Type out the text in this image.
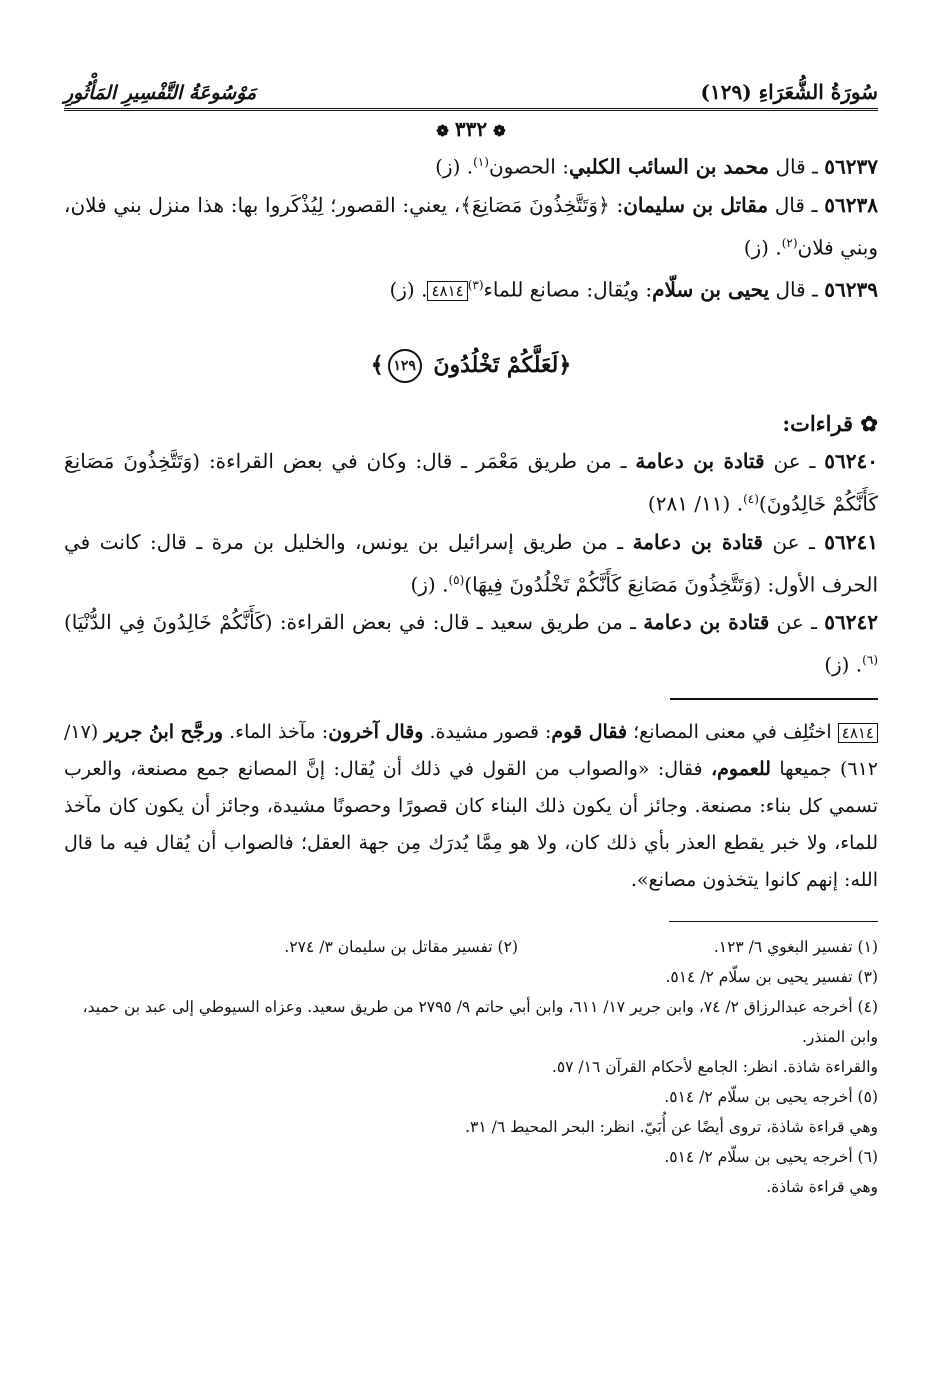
سُورَةُ الشُّعَرَاءِ (١٢٩)
مَوْسُوعَةُ التَّفْسِيرِ المَأْثُورِ
❁٣٣٢❁

٥٦٢٣٧ ـ قال محمد بن السائب الكلبي: الحصون$^{(١)}$. (ز)

٥٦٢٣٨ ـ قال مقاتل بن سليمان: ﴿وَتَتَّخِذُونَ مَصَانِعَ﴾، يعني: القصور؛ لِيُذْكَروا بها: هذا منزل بني فلان، وبني فلان$^{(٢)}$. (ز)

٥٦٢٣٩ ـ قال يحيى بن سلّام: ويُقال: مصانع للماء$^{(٣)}$٤٨١٤. (ز)

﴿لَعَلَّكُمْ تَخْلُدُونَ ١٢٩﴾
✿ قراءات:

٥٦٢٤٠ ـ عن قتادة بن دعامة ـ من طريق مَعْمَر ـ قال: وكان في بعض القراءة: (وَتَتَّخِذُونَ مَصَانِعَ كَأَنَّكُمْ خَالِدُونَ)$^{(٤)}$. (١١/ ٢٨١)

٥٦٢٤١ ـ عن قتادة بن دعامة ـ من طريق إسرائيل بن يونس، والخليل بن مرة ـ قال: كانت في الحرف الأول: (وَتَتَّخِذُونَ مَصَانِعَ كَأَنَّكُمْ تَخْلُدُونَ فِيهَا)$^{(٥)}$. (ز)

٥٦٢٤٢ ـ عن قتادة بن دعامة ـ من طريق سعيد ـ قال: في بعض القراءة: (كَأَنَّكُمْ خَالِدُونَ فِي الدُّنْيَا)$^{(٦)}$. (ز)

٤٨١٤ اختُلِف في معنى المصانع؛ فقال قوم: قصور مشيدة. وقال آخرون: مآخذ الماء. ورجَّح ابنُ جرير (١٧/ ٦١٢) جميعها للعموم، فقال: «والصواب من القول في ذلك أن يُقال: إنَّ المصانع جمع مصنعة، والعرب تسمي كل بناء: مصنعة. وجائز أن يكون ذلك البناء كان قصورًا وحصونًا مشيدة، وجائز أن يكون كان مآخذ للماء، ولا خبر يقطع العذر بأي ذلك كان، ولا هو مِمَّا يُدرَك مِن جهة العقل؛ فالصواب أن يُقال فيه ما قال الله: إنهم كانوا يتخذون مصانع».
(١) تفسير البغوي ٦/ ١٢٣.
(٢) تفسير مقاتل بن سليمان ٣/ ٢٧٤.
(٣) تفسير يحيى بن سلّام ٢/ ٥١٤.
(٤) أخرجه عبدالرزاق ٢/ ٧٤، وابن جرير ١٧/ ٦١١، وابن أبي حاتم ٩/ ٢٧٩٥ من طريق سعيد. وعزاه السيوطي إلى عبد بن حميد، وابن المنذر.
والقراءة شاذة. انظر: الجامع لأحكام القرآن ١٦/ ٥٧.
(٥) أخرجه يحيى بن سلّام ٢/ ٥١٤.
وهي قراءة شاذة، تروى أيضًا عن أُبَيّ. انظر: البحر المحيط ٦/ ٣١.
(٦) أخرجه يحيى بن سلّام ٢/ ٥١٤.
وهي قراءة شاذة.
